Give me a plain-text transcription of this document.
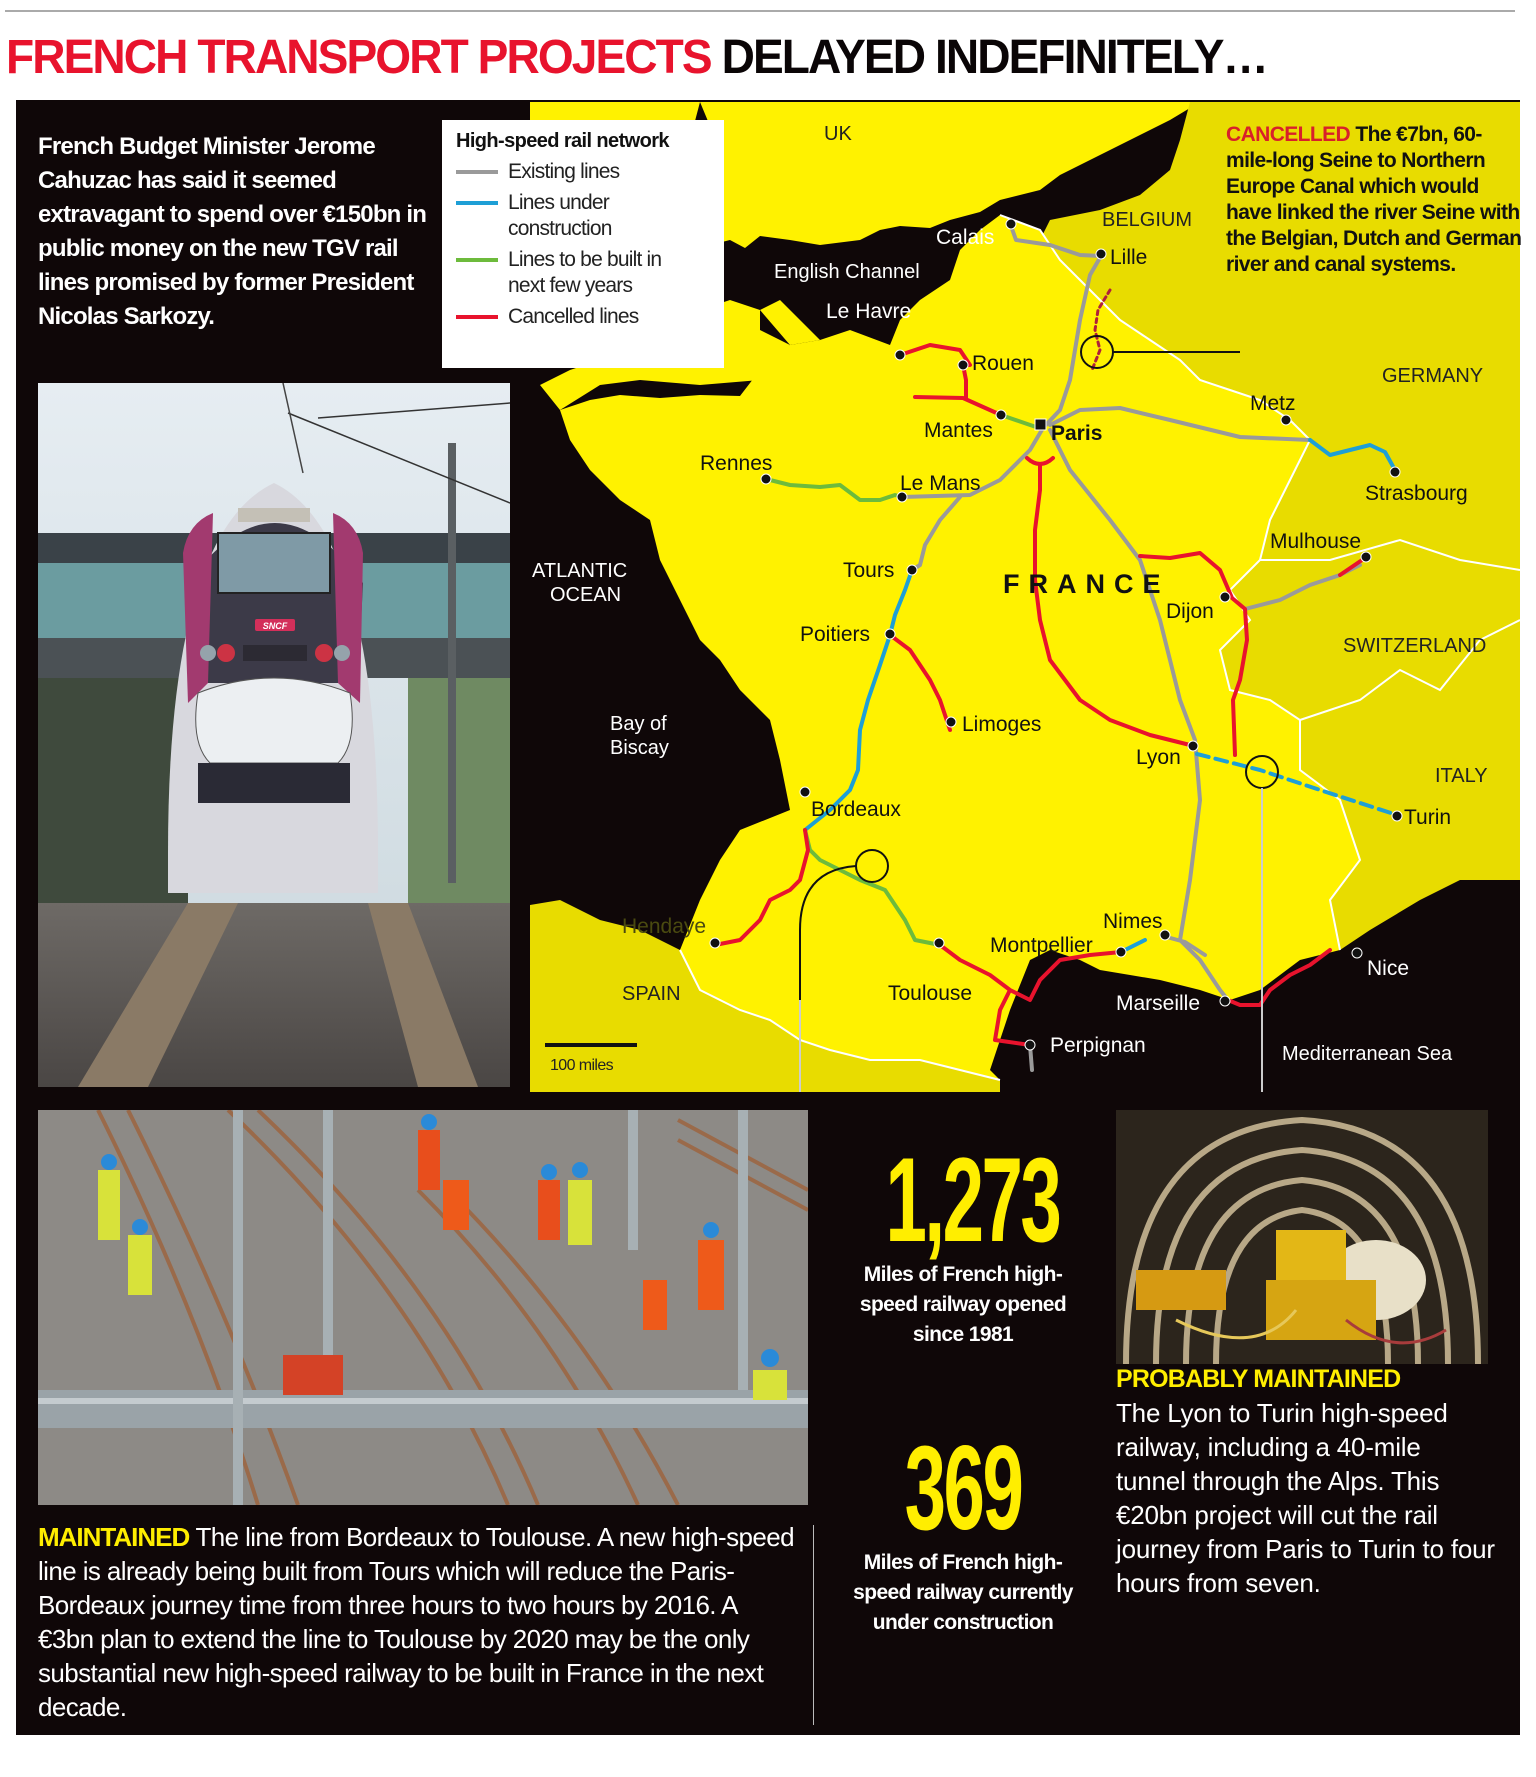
FRENCH TRANSPORT PROJECTS DELAYED INDEFINITELY…
UK
BELGIUM
GERMANY
SWITZERLAND
ITALY
SPAIN
English Channel
ATLANTIC OCEAN
Bay of Biscay
Mediterranean Sea
FRANCE
Calais
Lille
Le Havre
Rouen
Mantes	Paris
Metz
Strasbourg
Rennes
Le Mans
Tours
Mulhouse
Dijon
Poitiers
Limoges
Lyon
Turin
Bordeaux
Hendaye
Toulouse
Montpellier
Nimes
Marseille
Nice
Perpignan
100 miles
French Budget Minister Jerome Cahuzac has said it seemed extravagant to spend over €150bn in public money on the new TGV rail lines promised by former President Nicolas Sarkozy.
High-speed rail network
Existing lines
Lines under construction
Lines to be built in next few years
Cancelled lines
CANCELLED The €7bn, 60-mile-long Seine to Northern Europe Canal which would have linked the river Seine with the Belgian, Dutch and German river and canal systems.
SNCF
MAINTAINED The line from Bordeaux to Toulouse. A new high-speed line is already being built from Tours which will reduce the Paris-Bordeaux journey time from three hours to two hours by 2016. A €3bn plan to extend the line to Toulouse by 2020 may be the only substantial new high-speed railway to be built in France in the next decade.
1,273
Miles of French high-speed railway opened since 1981
369
Miles of French high-speed railway currently under construction
PROBABLY MAINTAINED
The Lyon to Turin high-speed railway, including a 40-mile tunnel through the Alps. This €20bn project will cut the rail journey from Paris to Turin to four hours from seven.
